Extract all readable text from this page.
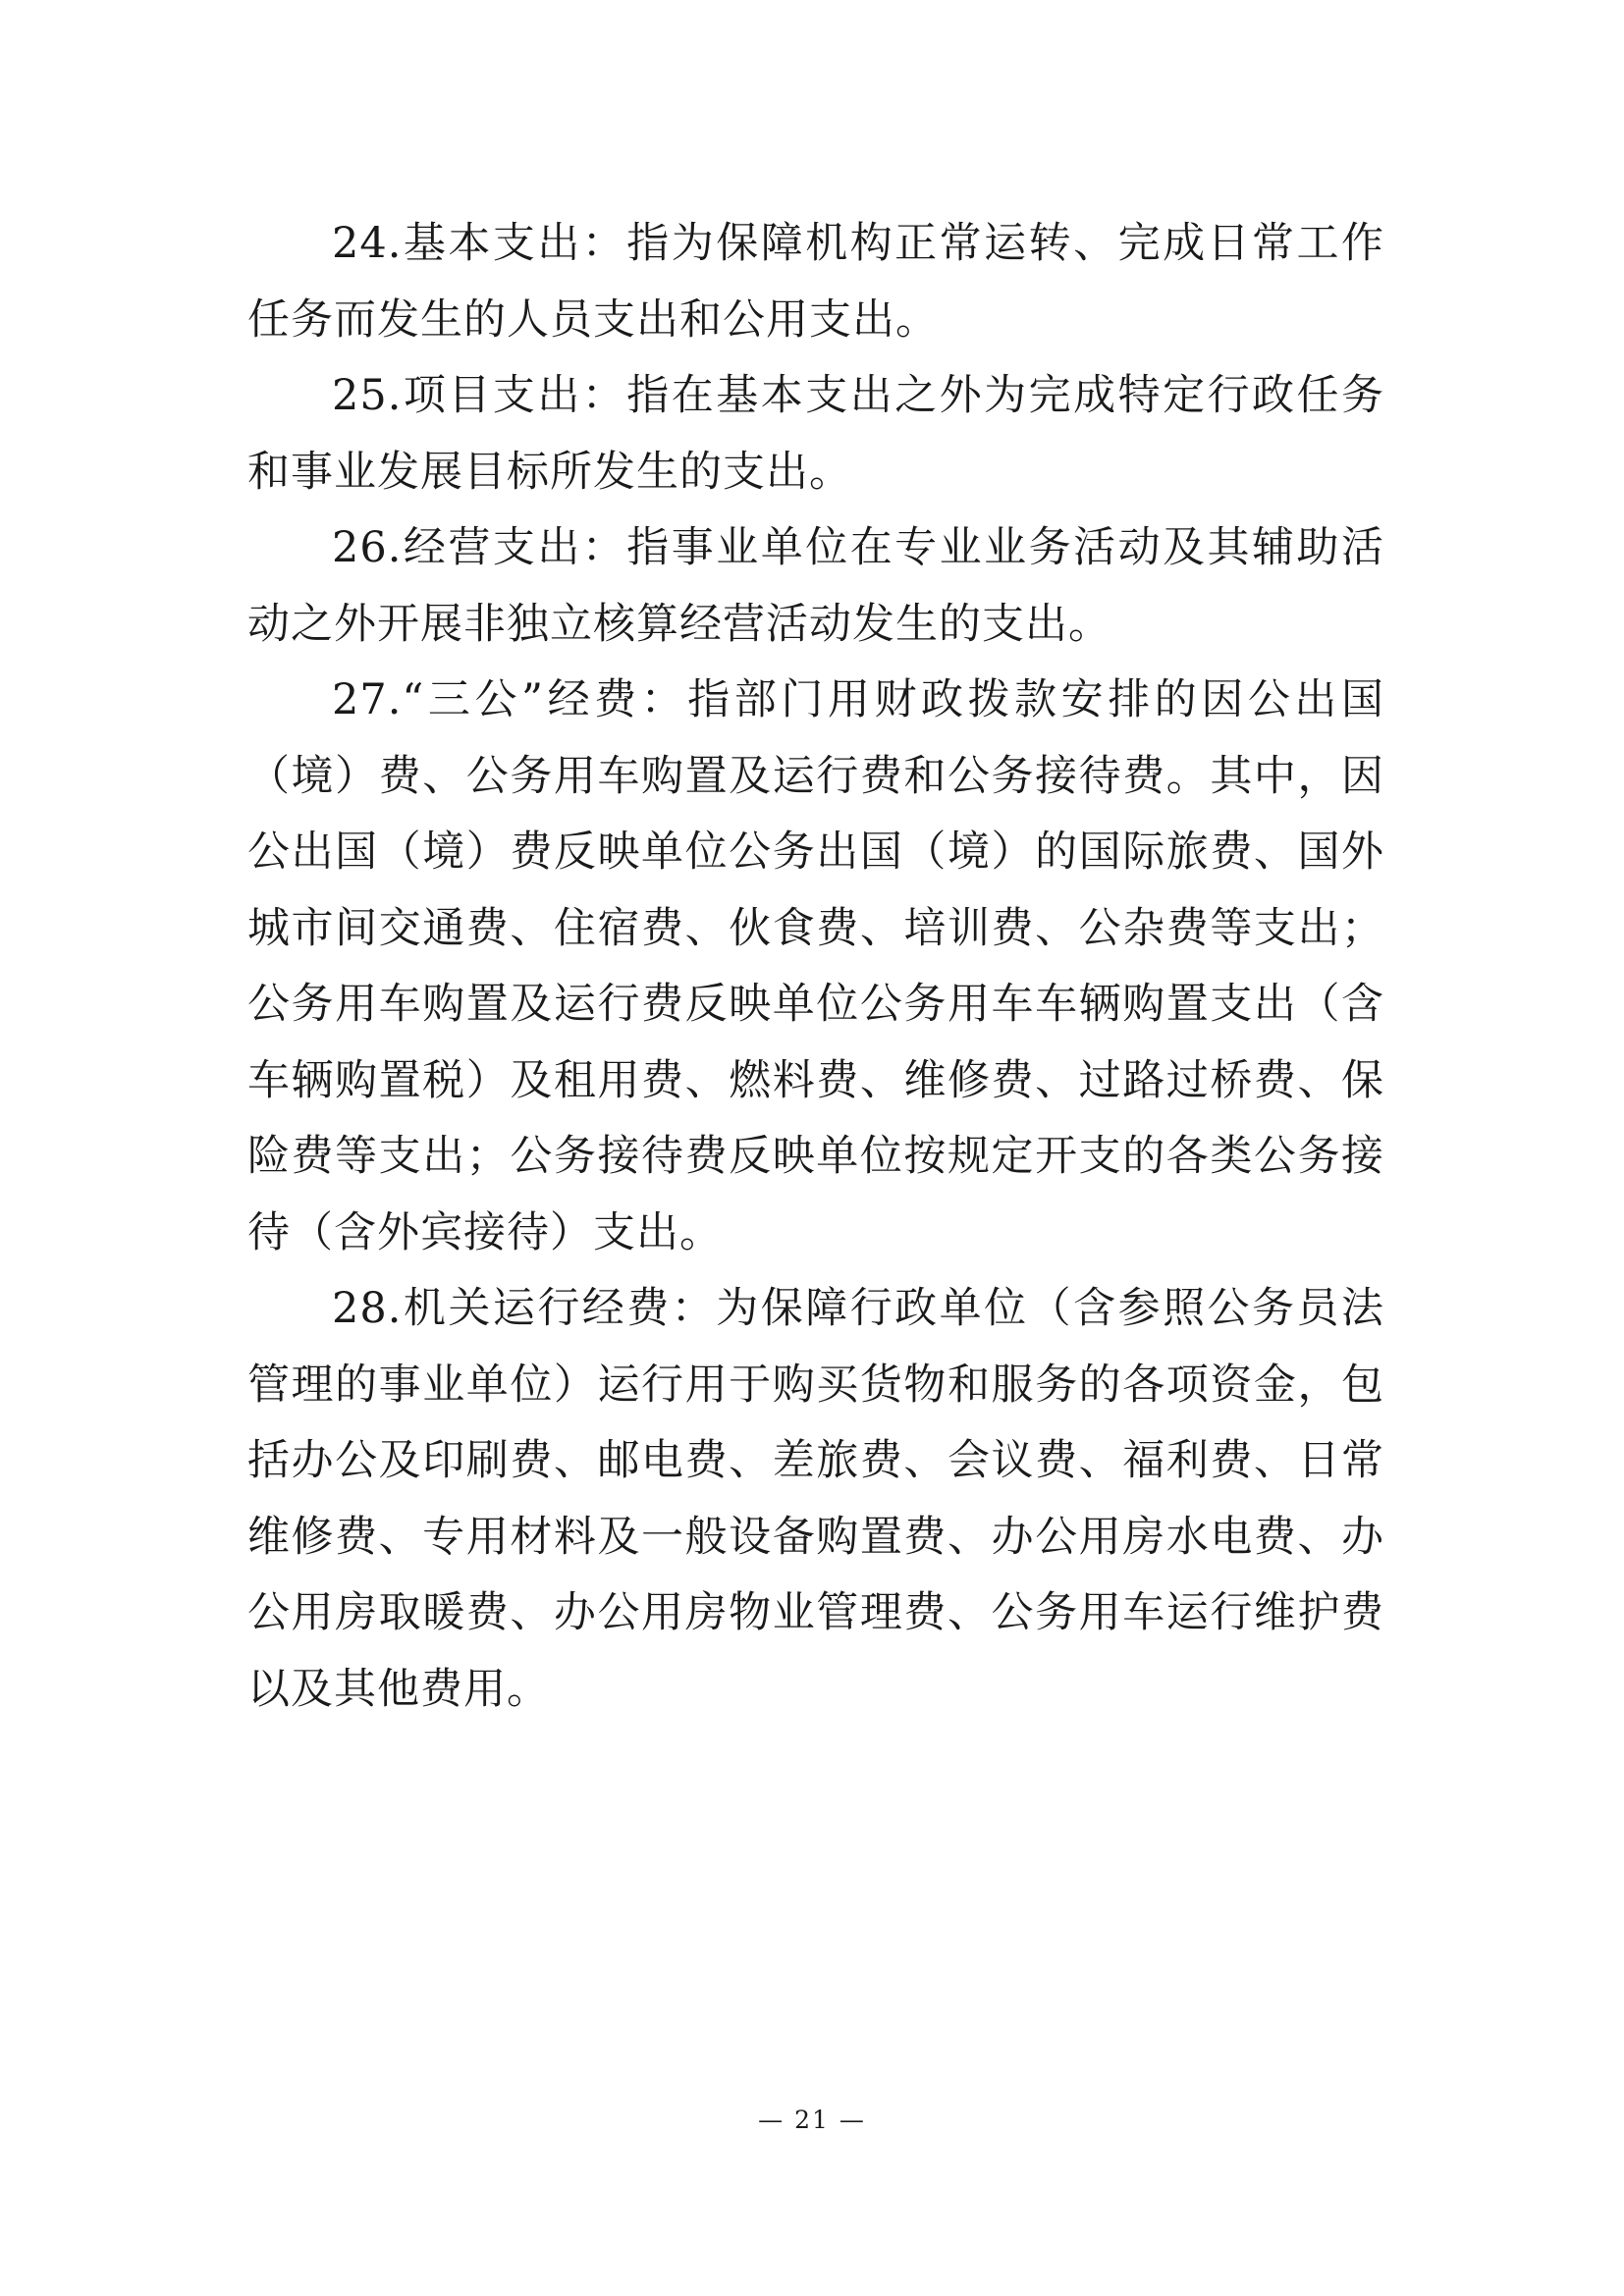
24.基本支出：指为保障机构正常运转、完成日常工作任务而发生的人员支出和公用支出。

25.项目支出：指在基本支出之外为完成特定行政任务和事业发展目标所发生的支出。

26.经营支出：指事业单位在专业业务活动及其辅助活动之外开展非独立核算经营活动发生的支出。

27.“三公”经费：指部门用财政拨款安排的因公出国（境）费、公务用车购置及运行费和公务接待费。其中，因公出国（境）费反映单位公务出国（境）的国际旅费、国外城市间交通费、住宿费、伙食费、培训费、公杂费等支出；公务用车购置及运行费反映单位公务用车车辆购置支出（含车辆购置税）及租用费、燃料费、维修费、过路过桥费、保险费等支出；公务接待费反映单位按规定开支的各类公务接待（含外宾接待）支出。

28.机关运行经费：为保障行政单位（含参照公务员法管理的事业单位）运行用于购买货物和服务的各项资金，包括办公及印刷费、邮电费、差旅费、会议费、福利费、日常维修费、专用材料及一般设备购置费、办公用房水电费、办公用房取暖费、办公用房物业管理费、公务用车运行维护费以及其他费用。

— 21 —
